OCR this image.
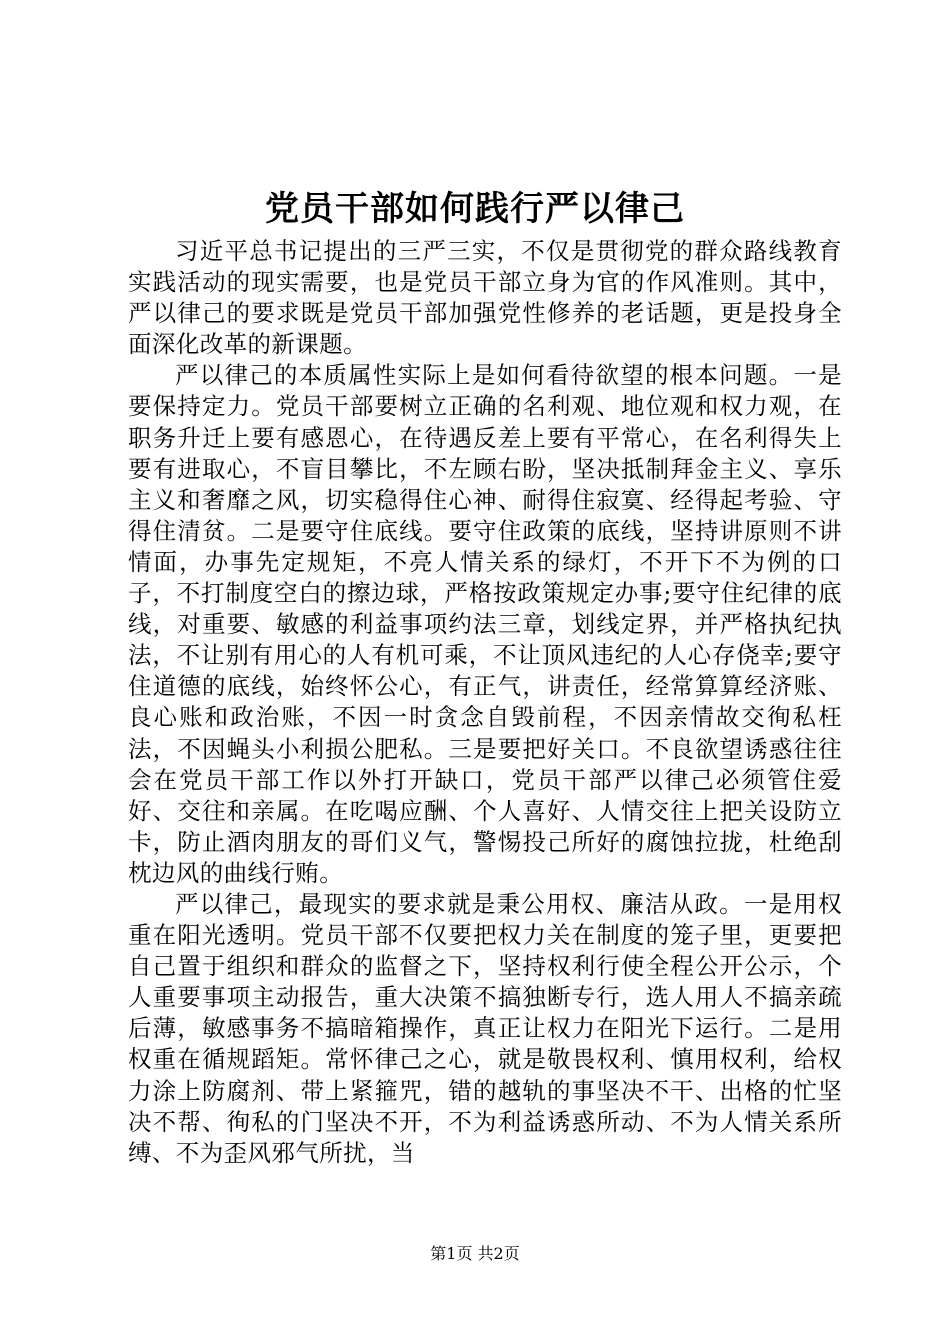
党员干部如何践行严以律己

习近平总书记提出的三严三实，不仅是贯彻党的群众路线教育实践活动的现实需要，也是党员干部立身为官的作风准则。其中，严以律己的要求既是党员干部加强党性修养的老话题，更是投身全面深化改革的新课题。

严以律己的本质属性实际上是如何看待欲望的根本问题。一是要保持定力。党员干部要树立正确的名利观、地位观和权力观，在职务升迁上要有感恩心，在待遇反差上要有平常心，在名利得失上要有进取心，不盲目攀比，不左顾右盼，坚决抵制拜金主义、享乐主义和奢靡之风，切实稳得住心神、耐得住寂寞、经得起考验、守得住清贫。二是要守住底线。要守住政策的底线，坚持讲原则不讲情面，办事先定规矩，不亮人情关系的绿灯，不开下不为例的口子，不打制度空白的擦边球，严格按政策规定办事;要守住纪律的底线，对重要、敏感的利益事项约法三章，划线定界，并严格执纪执法，不让别有用心的人有机可乘，不让顶风违纪的人心存侥幸;要守住道德的底线，始终怀公心，有正气，讲责任，经常算算经济账、良心账和政治账，不因一时贪念自毁前程，不因亲情故交徇私枉法，不因蝇头小利损公肥私。三是要把好关口。不良欲望诱惑往往会在党员干部工作以外打开缺口，党员干部严以律己必须管住爱好、交往和亲属。在吃喝应酬、个人喜好、人情交往上把关设防立卡，防止酒肉朋友的哥们义气，警惕投己所好的腐蚀拉拢，杜绝刮枕边风的曲线行贿。

严以律己，最现实的要求就是秉公用权、廉洁从政。一是用权重在阳光透明。党员干部不仅要把权力关在制度的笼子里，更要把自己置于组织和群众的监督之下，坚持权利行使全程公开公示，个人重要事项主动报告，重大决策不搞独断专行，选人用人不搞亲疏后薄，敏感事务不搞暗箱操作，真正让权力在阳光下运行。二是用权重在循规蹈矩。常怀律己之心，就是敬畏权利、慎用权利，给权力涂上防腐剂、带上紧箍咒，错的越轨的事坚决不干、出格的忙坚决不帮、徇私的门坚决不开，不为利益诱惑所动、不为人情关系所缚、不为歪风邪气所扰，当

第1页 共2页
